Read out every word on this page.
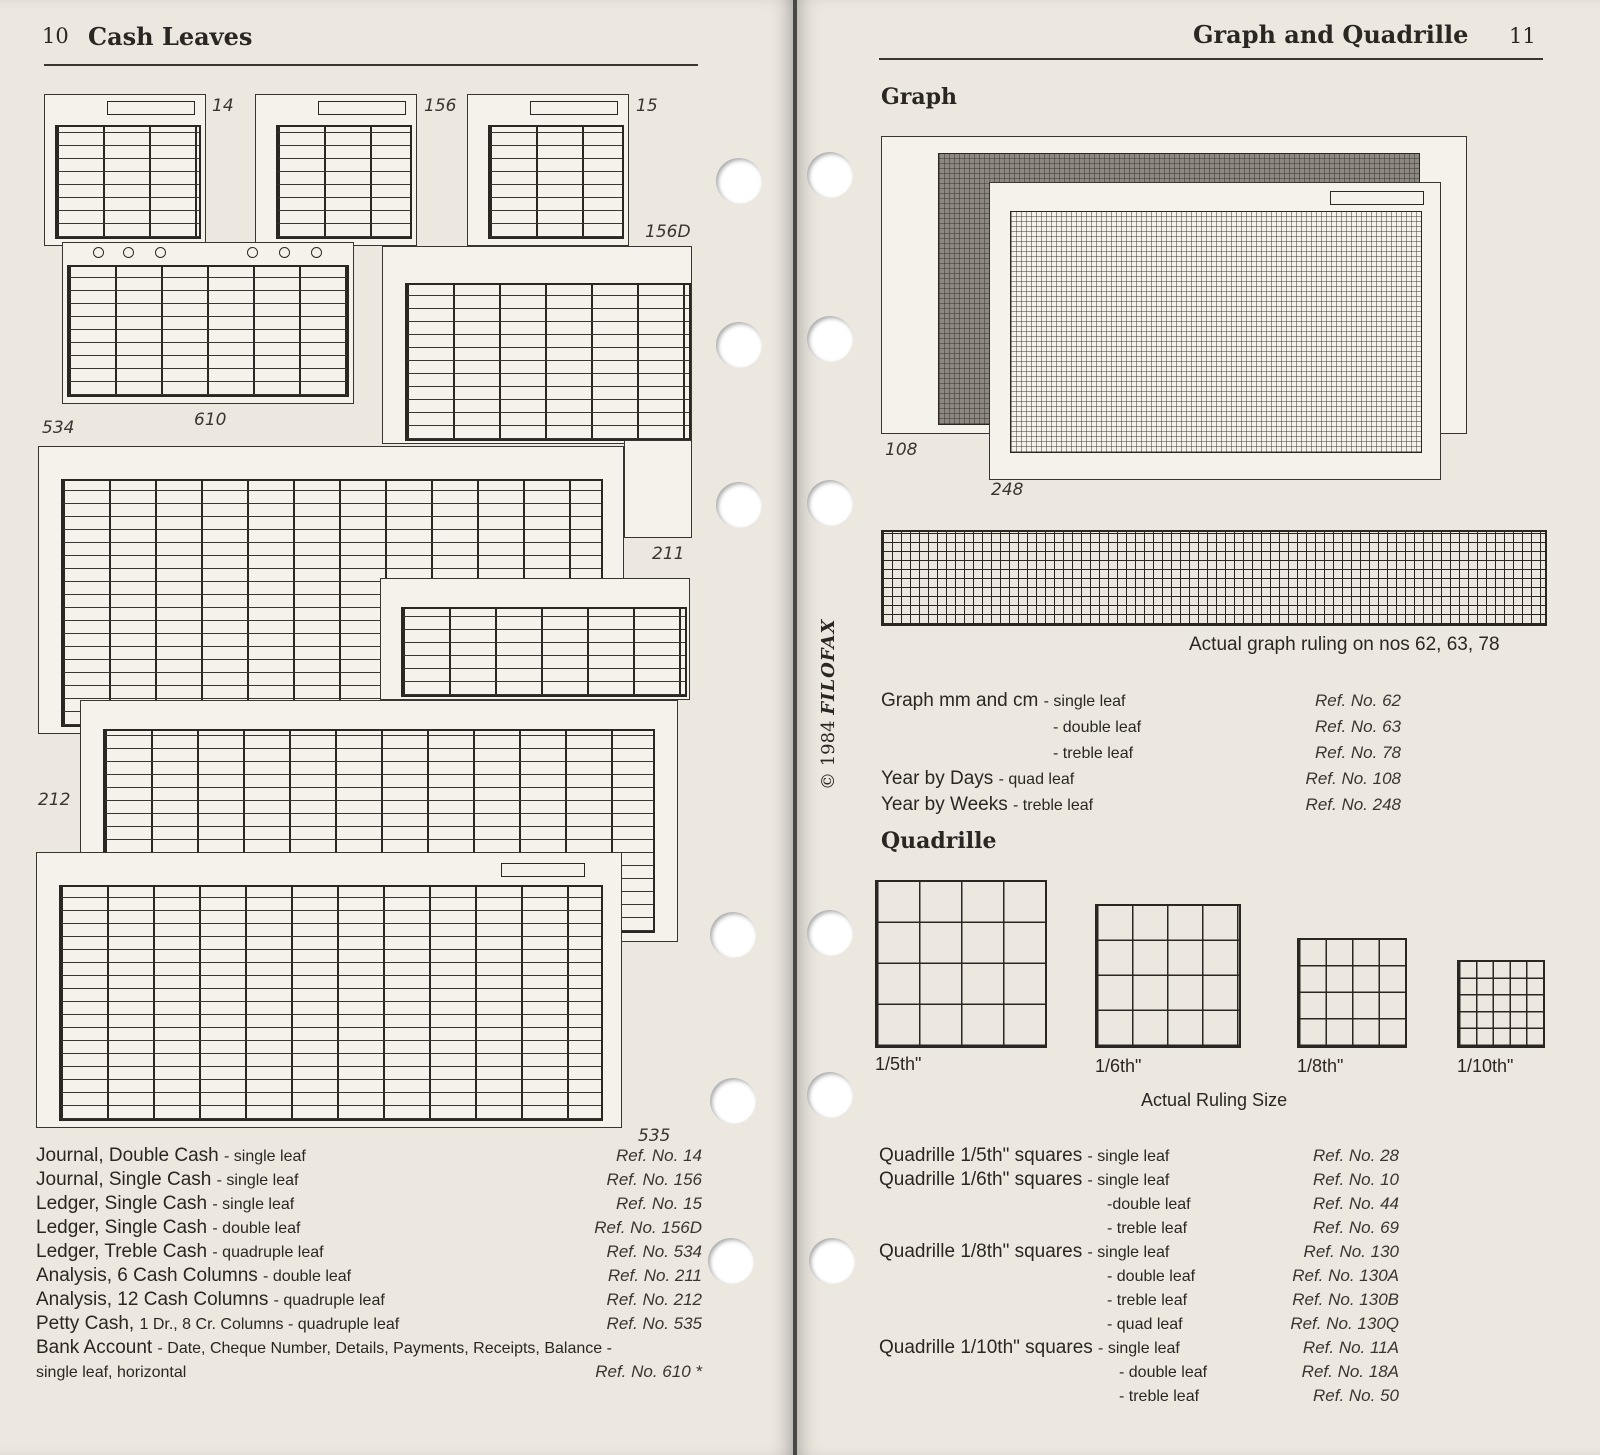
10 Cash Leaves
14	156	15
156D
610
534
211
212
535
Journal, Double Cash - single leaf	Ref. No. 14
Journal, Single Cash - single leaf	Ref. No. 156
Ledger, Single Cash - single leaf	Ref. No. 15
Ledger, Single Cash - double leaf	Ref. No. 156D
Ledger, Treble Cash - quadruple leaf	Ref. No. 534
Analysis, 6 Cash Columns - double leaf	Ref. No. 211
Analysis, 12 Cash Columns - quadruple leaf	Ref. No. 212
Petty Cash, 1 Dr., 8 Cr. Columns - quadruple leaf	Ref. No. 535
Bank Account - Date, Cheque Number, Details, Payments, Receipts, Balance -
single leaf, horizontal	Ref. No. 610 *
Graph and Quadrille 11
Graph
108
248
Actual graph ruling on nos 62, 63, 78
Graph mm and cm - single leaf	Ref. No. 62
- double leaf	Ref. No. 63
- treble leaf	Ref. No. 78
Year by Days - quad leaf	Ref. No. 108
Year by Weeks - treble leaf	Ref. No. 248
Quadrille
1/5th"	1/6th"	1/8th"	1/10th"
Actual Ruling Size
Quadrille 1/5th" squares - single leaf	Ref. No. 28
Quadrille 1/6th" squares - single leaf	Ref. No. 10
-double leaf	Ref. No. 44
- treble leaf	Ref. No. 69
Quadrille 1/8th" squares - single leaf	Ref. No. 130
- double leaf	Ref. No. 130A
- treble leaf	Ref. No. 130B
- quad leaf	Ref. No. 130Q
Quadrille 1/10th" squares - single leaf	Ref. No. 11A
- double leaf	Ref. No. 18A
- treble leaf	Ref. No. 50
© 1984 FILOFAX
